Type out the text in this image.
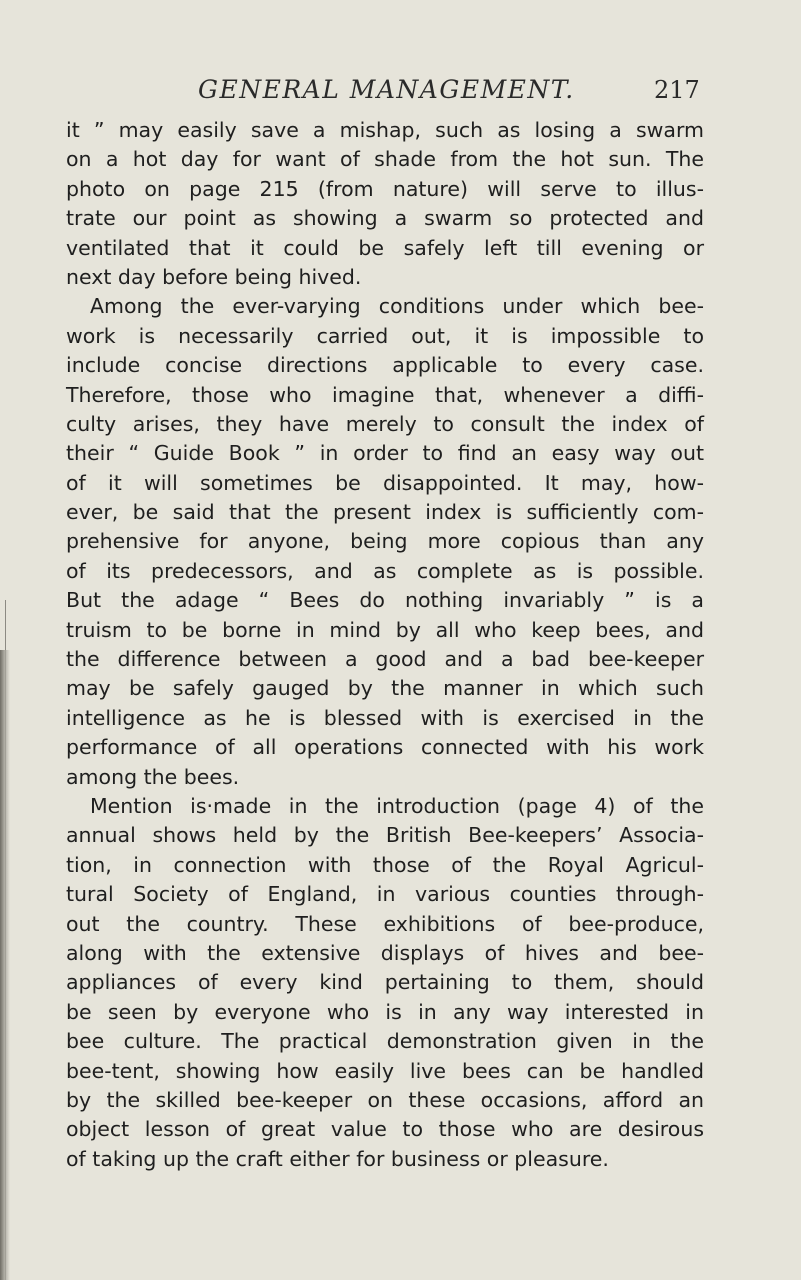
GENERAL MANAGEMENT.	217
it ” may easily save a mishap, such as losing a swarm
on a hot day for want of shade from the hot sun. The
photo on page 215 (from nature) will serve to illus-
trate our point as showing a swarm so protected and
ventilated that it could be safely left till evening or
next day before being hived.
Among the ever-varying conditions under which bee-
work is necessarily carried out, it is impossible to
include concise directions applicable to every case.
Therefore, those who imagine that, whenever a diffi-
culty arises, they have merely to consult the index of
their “ Guide Book ” in order to find an easy way out
of it will sometimes be disappointed. It may, how-
ever, be said that the present index is sufficiently com-
prehensive for anyone, being more copious than any
of its predecessors, and as complete as is possible.
But the adage “ Bees do nothing invariably ” is a
truism to be borne in mind by all who keep bees, and
the difference between a good and a bad bee-keeper
may be safely gauged by the manner in which such
intelligence as he is blessed with is exercised in the
performance of all operations connected with his work
among the bees.
Mention is·made in the introduction (page 4) of the
annual shows held by the British Bee-keepers’ Associa-
tion, in connection with those of the Royal Agricul-
tural Society of England, in various counties through-
out the country. These exhibitions of bee-produce,
along with the extensive displays of hives and bee-
appliances of every kind pertaining to them, should
be seen by everyone who is in any way interested in
bee culture. The practical demonstration given in the
bee-tent, showing how easily live bees can be handled
by the skilled bee-keeper on these occasions, afford an
object lesson of great value to those who are desirous
of taking up the craft either for business or pleasure.
